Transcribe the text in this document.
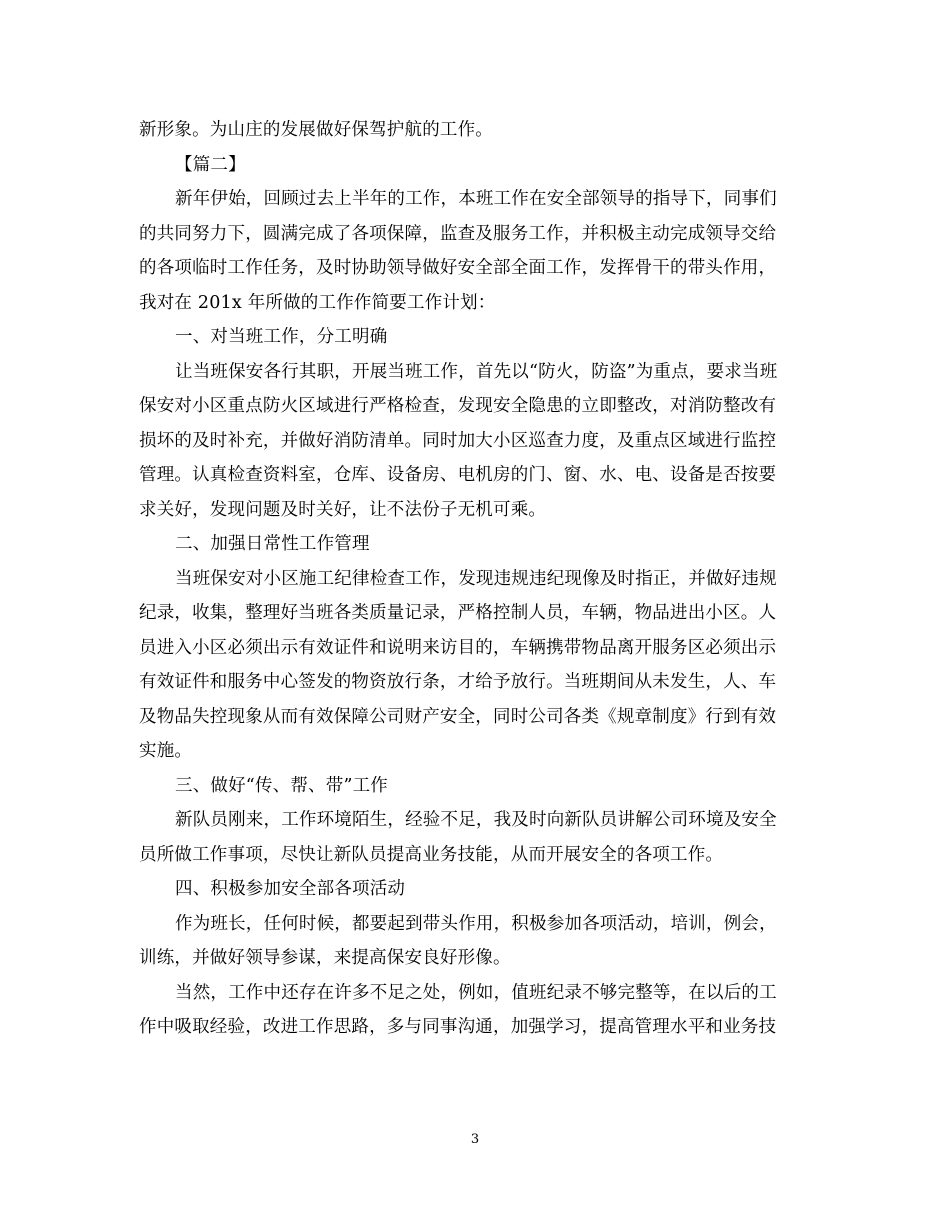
新形象。为山庄的发展做好保驾护航的工作。
【篇二】
新年伊始，回顾过去上半年的工作，本班工作在安全部领导的指导下，同事们
的共同努力下，圆满完成了各项保障，监查及服务工作，并积极主动完成领导交给
的各项临时工作任务，及时协助领导做好安全部全面工作，发挥骨干的带头作用，
我对在 201x 年所做的工作作简要工作计划：
一、对当班工作，分工明确
让当班保安各行其职，开展当班工作，首先以“防火，防盗”为重点，要求当班
保安对小区重点防火区域进行严格检查，发现安全隐患的立即整改，对消防整改有
损坏的及时补充，并做好消防清单。同时加大小区巡查力度，及重点区域进行监控
管理。认真检查资料室，仓库、设备房、电机房的门、窗、水、电、设备是否按要
求关好，发现问题及时关好，让不法份子无机可乘。
二、加强日常性工作管理
当班保安对小区施工纪律检查工作，发现违规违纪现像及时指正，并做好违规
纪录，收集，整理好当班各类质量记录，严格控制人员，车辆，物品进出小区。人
员进入小区必须出示有效证件和说明来访目的，车辆携带物品离开服务区必须出示
有效证件和服务中心签发的物资放行条，才给予放行。当班期间从未发生，人、车
及物品失控现象从而有效保障公司财产安全，同时公司各类《规章制度》行到有效
实施。
三、做好“传、帮、带”工作
新队员刚来，工作环境陌生，经验不足，我及时向新队员讲解公司环境及安全
员所做工作事项，尽快让新队员提高业务技能，从而开展安全的各项工作。
四、积极参加安全部各项活动
作为班长，任何时候，都要起到带头作用，积极参加各项活动，培训，例会，
训练，并做好领导参谋，来提高保安良好形像。
当然，工作中还存在许多不足之处，例如，值班纪录不够完整等，在以后的工
作中吸取经验，改进工作思路，多与同事沟通，加强学习，提高管理水平和业务技
3
